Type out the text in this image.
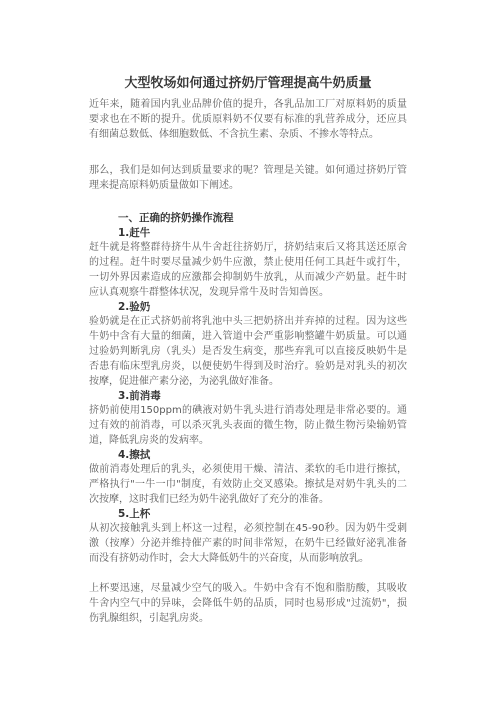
大型牧场如何通过挤奶厅管理提高牛奶质量
近年来，随着国内乳业品牌价值的提升，各乳品加工厂对原料奶的质量要求也在不断的提升。优质原料奶不仅要有标准的乳营养成分，还应具有细菌总数低、体细胞数低、不含抗生素、杂质、不掺水等特点。
那么，我们是如何达到质量要求的呢？管理是关键。如何通过挤奶厅管理来提高原料奶质量做如下阐述。
一、正确的挤奶操作流程
1.赶牛
赶牛就是将整群待挤牛从牛舍赶往挤奶厅，挤奶结束后又将其送还原舍的过程。赶牛时要尽量减少奶牛应激，禁止使用任何工具赶牛或打牛，一切外界因素造成的应激都会抑制奶牛放乳，从而减少产奶量。赶牛时应认真观察牛群整体状况，发现异常牛及时告知兽医。
2.验奶
验奶就是在正式挤奶前将乳池中头三把奶挤出并弃掉的过程。因为这些牛奶中含有大量的细菌，进入管道中会严重影响整罐牛奶质量。可以通过验奶判断乳房（乳头）是否发生病变，那些弃乳可以直接反映奶牛是否患有临床型乳房炎，以便使奶牛得到及时治疗。验奶是对乳头的初次按摩，促进催产素分泌，为泌乳做好准备。
3.前消毒
挤奶前使用150ppm的碘液对奶牛乳头进行消毒处理是非常必要的。通过有效的前消毒，可以杀灭乳头表面的微生物，防止微生物污染输奶管道，降低乳房炎的发病率。
4.擦拭
做前消毒处理后的乳头，必须使用干燥、清洁、柔软的毛巾进行擦拭，严格执行"一牛一巾"制度，有效防止交叉感染。擦拭是对奶牛乳头的二次按摩，这时我们已经为奶牛泌乳做好了充分的准备。
5.上杯
从初次接触乳头到上杯这一过程，必须控制在45-90秒。因为奶牛受刺激（按摩）分泌并维持催产素的时间非常短，在奶牛已经做好泌乳准备而没有挤奶动作时，会大大降低奶牛的兴奋度，从而影响放乳。
上杯要迅速，尽量减少空气的吸入。牛奶中含有不饱和脂肪酸，其吸收牛舍内空气中的异味，会降低牛奶的品质，同时也易形成"过流奶"，损伤乳腺组织，引起乳房炎。
